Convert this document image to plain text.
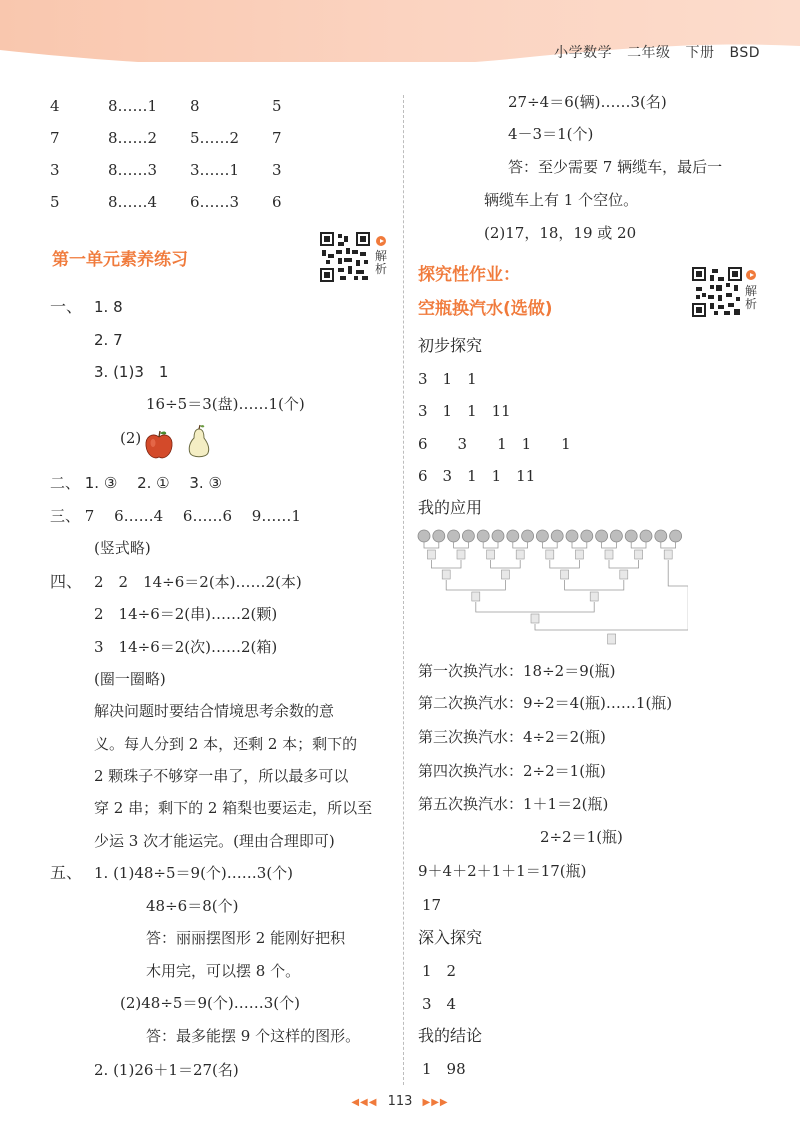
小学数学 二年级 下册 BSD
4	8……1 8	5
7	8……2 5……2 7
3	8……3 3……1 3
5	8……4 6……3 6
第一单元素养练习	解析
一、 1. 8
2. 7
3. (1)3　1
16÷5＝3(盘)……1(个)
(2)
二、 1. ③　 2. ①　 3. ③
三、 7　 6……4　 6……6　 9……1
(竖式略)
四、 2　2　14÷6＝2(本)……2(本)
2　14÷6＝2(串)……2(颗)
3　14÷6＝2(次)……2(箱)
(圈一圈略)
解决问题时要结合情境思考余数的意
义。每人分到 2 本，还剩 2 本；剩下的
2 颗珠子不够穿一串了，所以最多可以
穿 2 串；剩下的 2 箱梨也要运走，所以至
少运 3 次才能运完。(理由合理即可)
五、 1. (1)48÷5＝9(个)……3(个)
48÷6＝8(个)
答：丽丽摆图形 2 能刚好把积
木用完，可以摆 8 个。
(2)48÷5＝9(个)……3(个)
答：最多能摆 9 个这样的图形。
2. (1)26＋1＝27(名)
27÷4＝6(辆)……3(名)
4－3＝1(个)
答：至少需要 7 辆缆车，最后一
辆缆车上有 1 个空位。
(2)17，18，19 或 20
探究性作业：
空瓶换汽水(选做)
解析
初步探究
3　1　1
3　1　1　11
6　　3　　1　1　　1
6　3　1　1　11
我的应用
第一次换汽水：18÷2＝9(瓶)
第二次换汽水：9÷2＝4(瓶)……1(瓶)
第三次换汽水：4÷2＝2(瓶)
第四次换汽水：2÷2＝1(瓶)
第五次换汽水：1＋1＝2(瓶)
2÷2＝1(瓶)
9＋4＋2＋1＋1＝17(瓶)
17
深入探究
1　2
3　4
我的结论
1　98
◀◀◀ 113 ▶▶▶
